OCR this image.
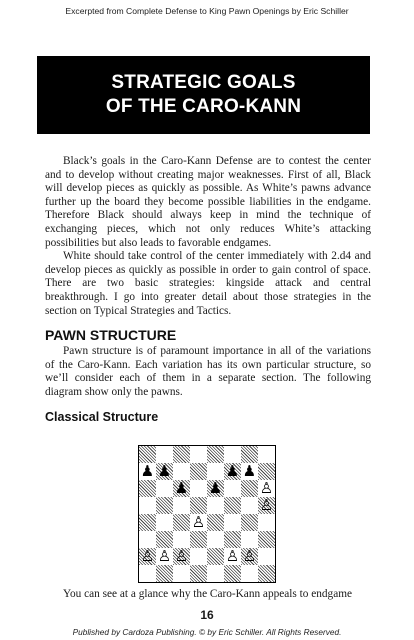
Excerpted from Complete Defense to King Pawn Openings by Eric Schiller
STRATEGIC GOALS
OF THE CARO-KANN

Black’s goals in the Caro-Kann Defense are to contest the center and to develop without creating major weaknesses. First of all, Black will develop pieces as quickly as possible. As White’s pawns advance further up the board they become possible liabilities in the endgame. Therefore Black should always keep in mind the technique of exchanging pieces, which not only reduces White’s attacking possibilities but also leads to favorable endgames.

White should take control of the center immediately with 2.d4 and develop pieces as quickly as possible in order to gain control of space. There are two basic strategies: kingside attack and central breakthrough. I go into greater detail about those strategies in the section on Typical Strategies and Tactics.

PAWN STRUCTURE

Pawn structure is of paramount importance in all of the variations of the Caro-Kann. Each variation has its own particular structure, so we’ll consider each of them in a separate section. The following diagram show only the pawns.

Classical Structure
♟ ♟	♟ ♟
♟ ♟	♙
♙
♙
♙ ♙ ♙	♙ ♙

You can see at a glance why the Caro-Kann appeals to endgame

16
Published by Cardoza Publishing. © by Eric Schiller. All Rights Reserved.
